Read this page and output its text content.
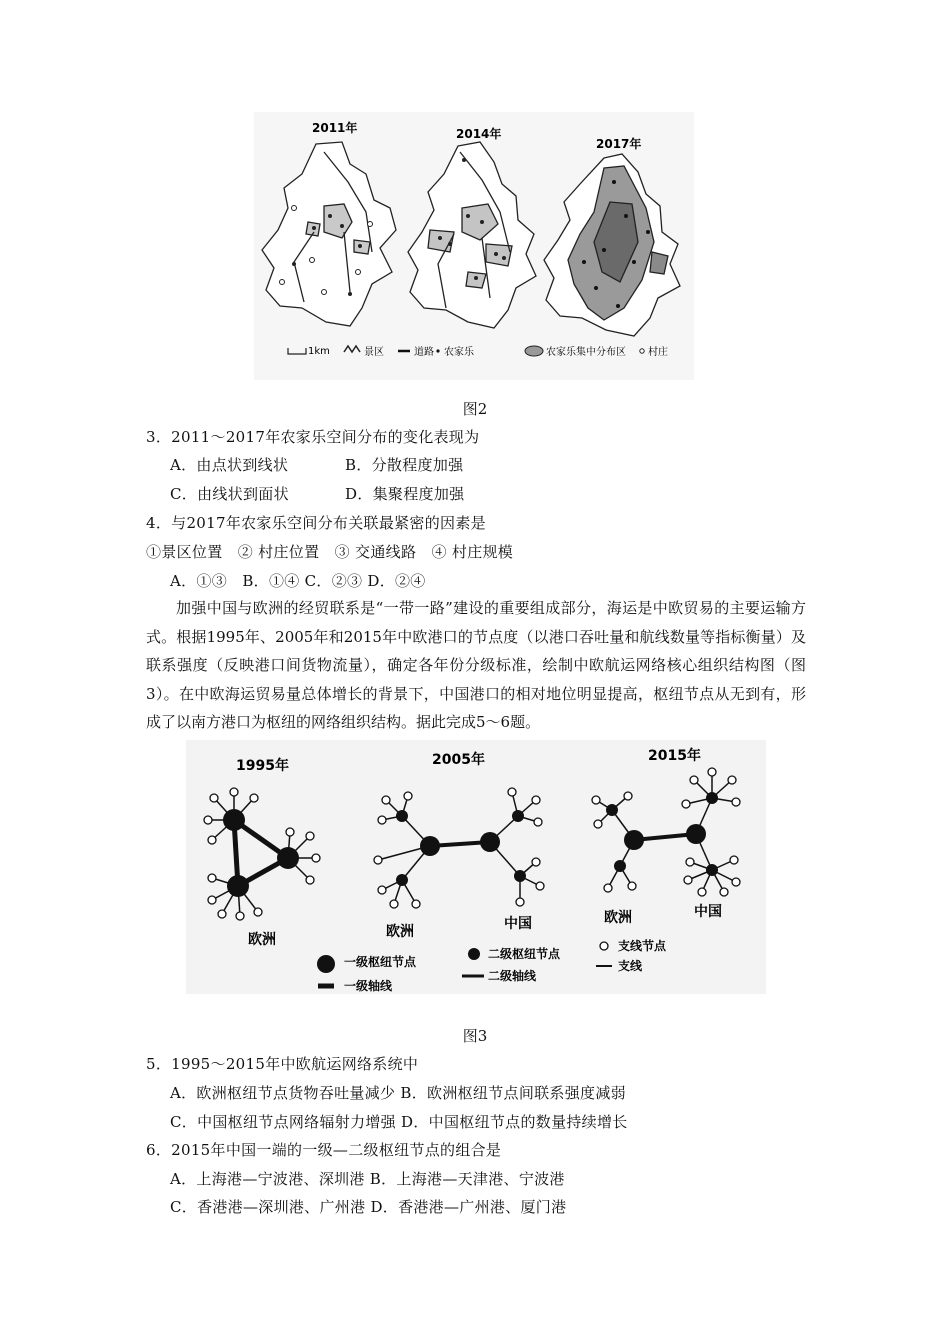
2011年	2014年
2017年
1km	景区	道路 农家乐	农家乐集中分布区 村庄
图2
3．2011～2017年农家乐空间分布的变化表现为
A．由点状到线状	B．分散程度加强
C．由线状到面状	D．集聚程度加强
4．与2017年农家乐空间分布关联最紧密的因素是
①景区位置　② 村庄位置　③ 交通线路　④ 村庄规模
A．①③　B．①④ C．②③ D．②④
加强中国与欧洲的经贸联系是“一带一路”建设的重要组成部分，海运是中欧贸易的主要运输方式。根据1995年、2005年和2015年中欧港口的节点度（以港口吞吐量和航线数量等指标衡量）及联系强度（反映港口间货物流量），确定各年份分级标准，绘制中欧航运网络核心组织结构图（图3）。在中欧海运贸易量总体增长的背景下，中国港口的相对地位明显提高，枢纽节点从无到有，形成了以南方港口为枢纽的网络组织结构。据此完成5～6题。
1995年	2005年	2015年
欧洲	欧洲	中国	欧洲	中国
一级枢纽节点
一级轴线
二级枢纽节点
二级轴线
支线节点
支线
图3
5．1995～2015年中欧航运网络系统中
A．欧洲枢纽节点货物吞吐量减少 B．欧洲枢纽节点间联系强度减弱
C．中国枢纽节点网络辐射力增强 D．中国枢纽节点的数量持续增长
6．2015年中国一端的一级—二级枢纽节点的组合是
A．上海港—宁波港、深圳港 B．上海港—天津港、宁波港
C．香港港—深圳港、广州港 D．香港港—广州港、厦门港
